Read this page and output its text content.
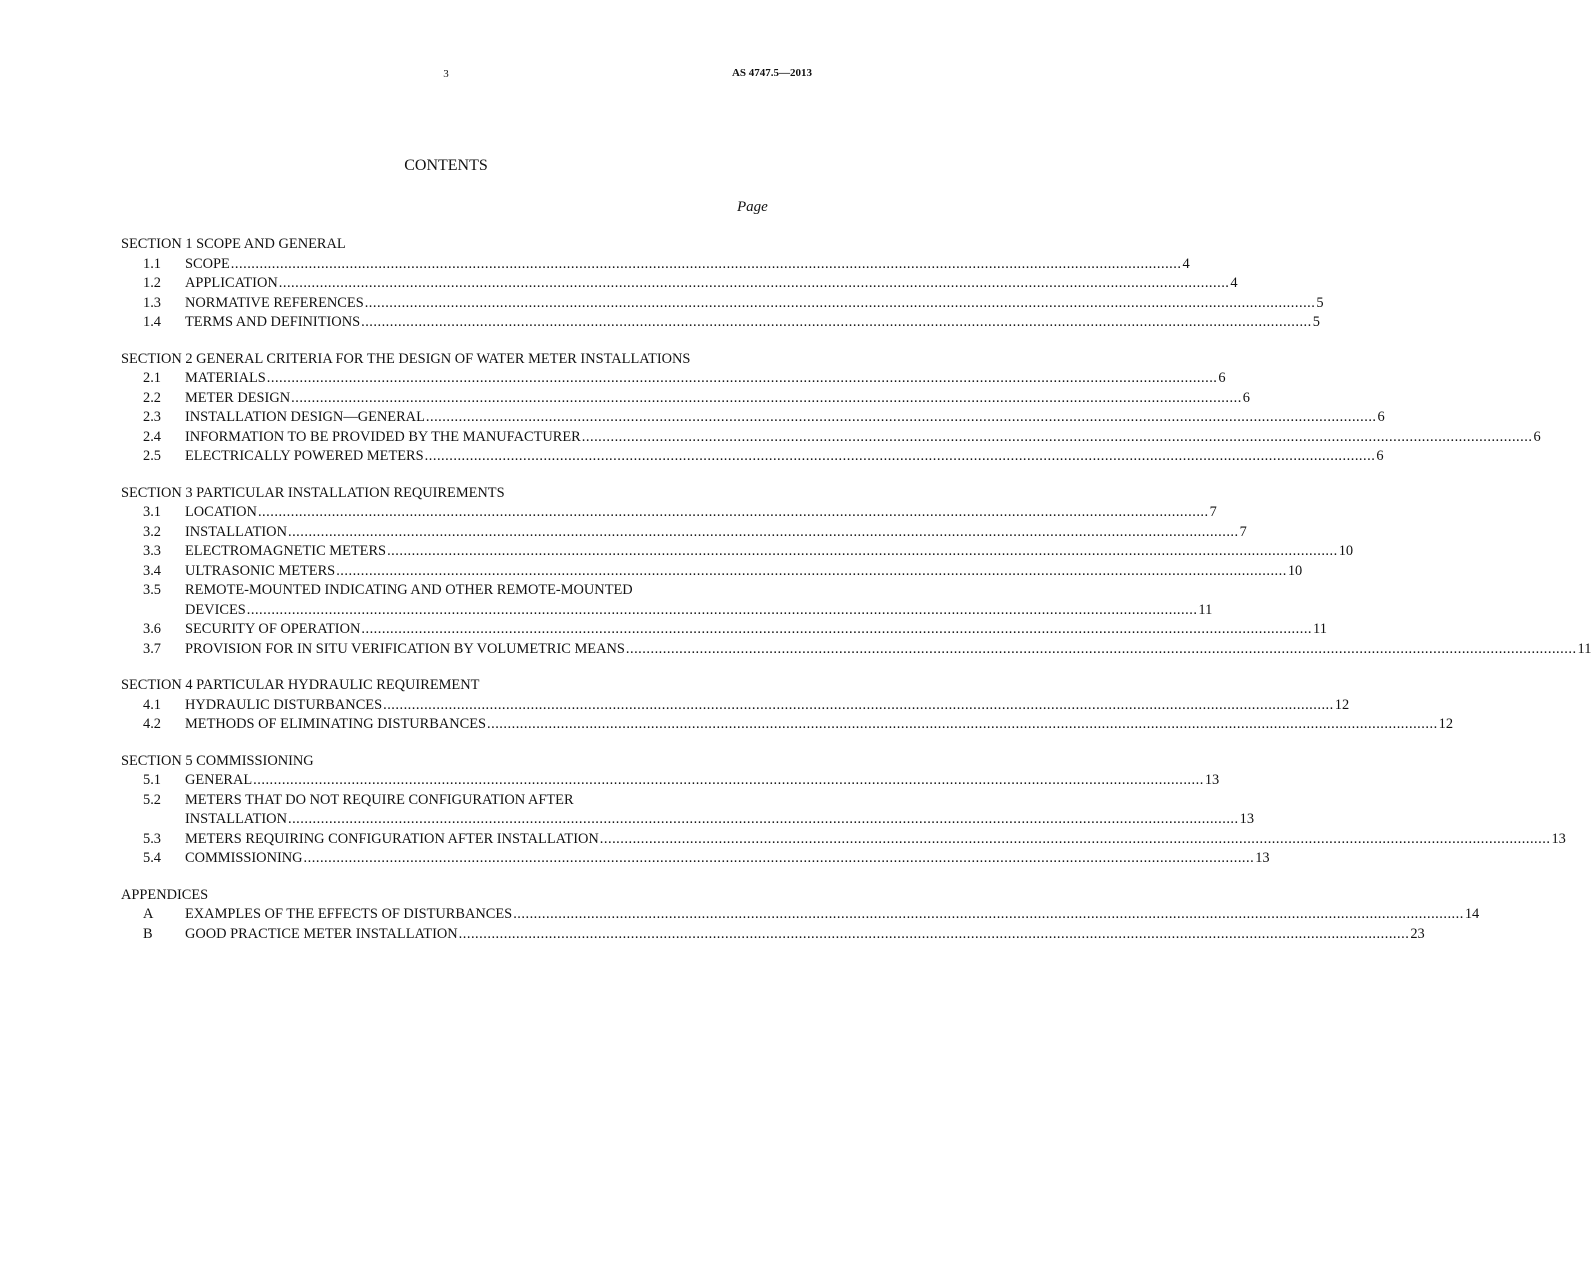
3	AS 4747.5—2013
CONTENTS
Page
SECTION 1 SCOPE AND GENERAL
1.1	SCOPE .....	4
1.2	APPLICATION .....	4
1.3	NORMATIVE REFERENCES .....	5
1.4	TERMS AND DEFINITIONS .....	5
SECTION 2 GENERAL CRITERIA FOR THE DESIGN OF WATER METER INSTALLATIONS
2.1	MATERIALS .....	6
2.2	METER DESIGN .....	6
2.3	INSTALLATION DESIGN—GENERAL .....	6
2.4	INFORMATION TO BE PROVIDED BY THE MANUFACTURER .....	6
2.5	ELECTRICALLY POWERED METERS .....	6
SECTION 3 PARTICULAR INSTALLATION REQUIREMENTS
3.1	LOCATION .....	7
3.2	INSTALLATION .....	7
3.3	ELECTROMAGNETIC METERS .....	10
3.4	ULTRASONIC METERS .....	10
3.5	REMOTE-MOUNTED INDICATING AND OTHER REMOTE-MOUNTED
DEVICES .....	11
3.6	SECURITY OF OPERATION .....	11
3.7	PROVISION FOR IN SITU VERIFICATION BY VOLUMETRIC MEANS .....	11
SECTION 4 PARTICULAR HYDRAULIC REQUIREMENT
4.1	HYDRAULIC DISTURBANCES .....	12
4.2	METHODS OF ELIMINATING DISTURBANCES .....	12
SECTION 5 COMMISSIONING
5.1	GENERAL .....	13
5.2	METERS THAT DO NOT REQUIRE CONFIGURATION AFTER
INSTALLATION .....	13
5.3	METERS REQUIRING CONFIGURATION AFTER INSTALLATION .....	13
5.4	COMMISSIONING .....	13
APPENDICES
A	EXAMPLES OF THE EFFECTS OF DISTURBANCES .....	14
B	GOOD PRACTICE METER INSTALLATION .....	23
